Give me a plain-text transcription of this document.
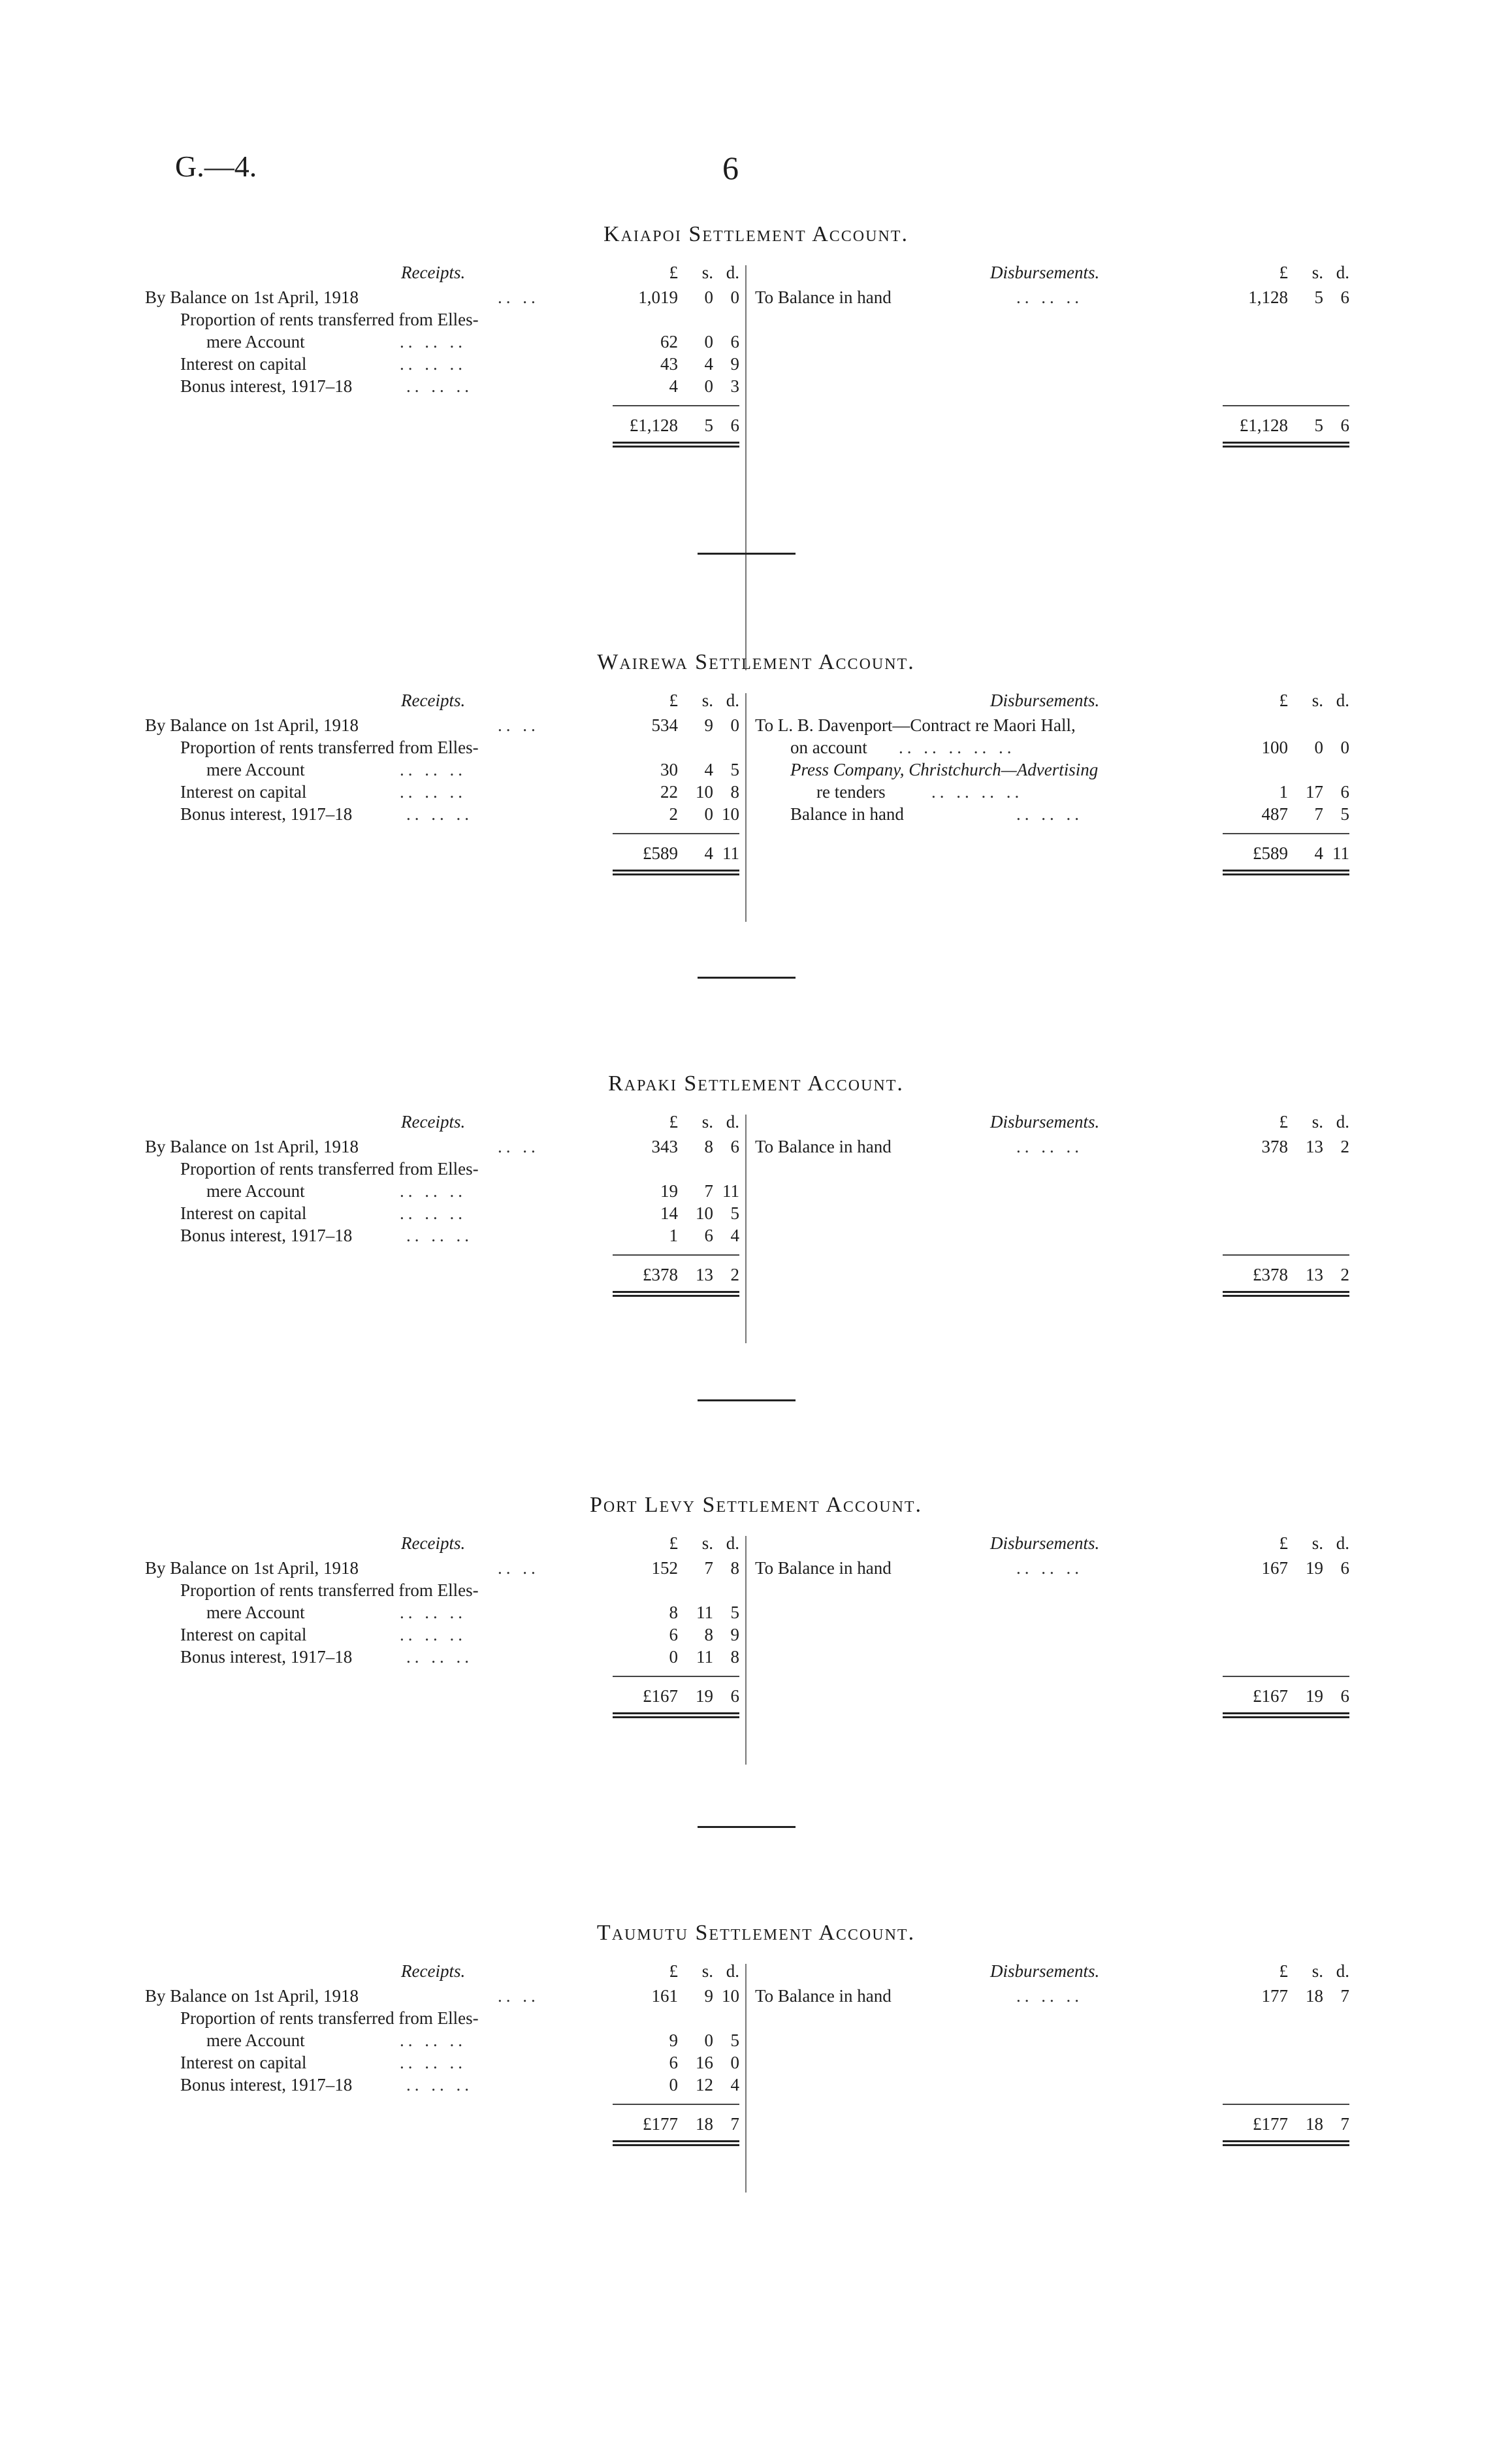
G.—4.	6
Kaiapoi Settlement Account.
Receipts.	£	s. d.
By Balance on 1st April, 1918	.. ..	1,019	0 0
Proportion of rents transferred from Elles-
mere Account	.. .. ..	62	0 6
Interest on capital	.. .. ..	43	4 9
Bonus interest, 1917–18	.. .. ..	4	0 3
£1,128	5 6
Disbursements.	£	s. d.
To Balance in hand	.. .. ..	1,128	5 6
£1,128	5 6
Wairewa Settlement Account.
Receipts.	£	s. d.
By Balance on 1st April, 1918	.. ..	534	9 0
Proportion of rents transferred from Elles-
mere Account	.. .. ..	30	4 5
Interest on capital	.. .. ..	22	10 8
Bonus interest, 1917–18	.. .. ..	2	0 10
£589	4 11
Disbursements.	£	s. d.
To L. B. Davenport—Contract re Maori Hall,
on account .. .. .. .. ..	100	0 0
Press Company, Christchurch—Advertising
re tenders	.. .. .. ..	1	17 6
Balance in hand	.. .. ..	487	7 5
£589	4 11
Rapaki Settlement Account.
Receipts.	£	s. d.
By Balance on 1st April, 1918	.. ..	343	8 6
Proportion of rents transferred from Elles-
mere Account	.. .. ..	19	7 11
Interest on capital	.. .. ..	14	10 5
Bonus interest, 1917–18	.. .. ..	1	6 4
£378	13 2
Disbursements.	£	s. d.
To Balance in hand	.. .. ..	378	13 2
£378	13 2
Port Levy Settlement Account.
Receipts.	£	s. d.
By Balance on 1st April, 1918	.. ..	152	7 8
Proportion of rents transferred from Elles-
mere Account	.. .. ..	8	11 5
Interest on capital	.. .. ..	6	8 9
Bonus interest, 1917–18	.. .. ..	0	11 8
£167	19 6
Disbursements.	£	s. d.
To Balance in hand	.. .. ..	167	19 6
£167	19 6
Taumutu Settlement Account.
Receipts.	£	s. d.
By Balance on 1st April, 1918	.. ..	161	9 10
Proportion of rents transferred from Elles-
mere Account	.. .. ..	9	0 5
Interest on capital	.. .. ..	6	16 0
Bonus interest, 1917–18	.. .. ..	0	12 4
£177	18 7
Disbursements.	£	s. d.
To Balance in hand	.. .. ..	177	18 7
£177	18 7
